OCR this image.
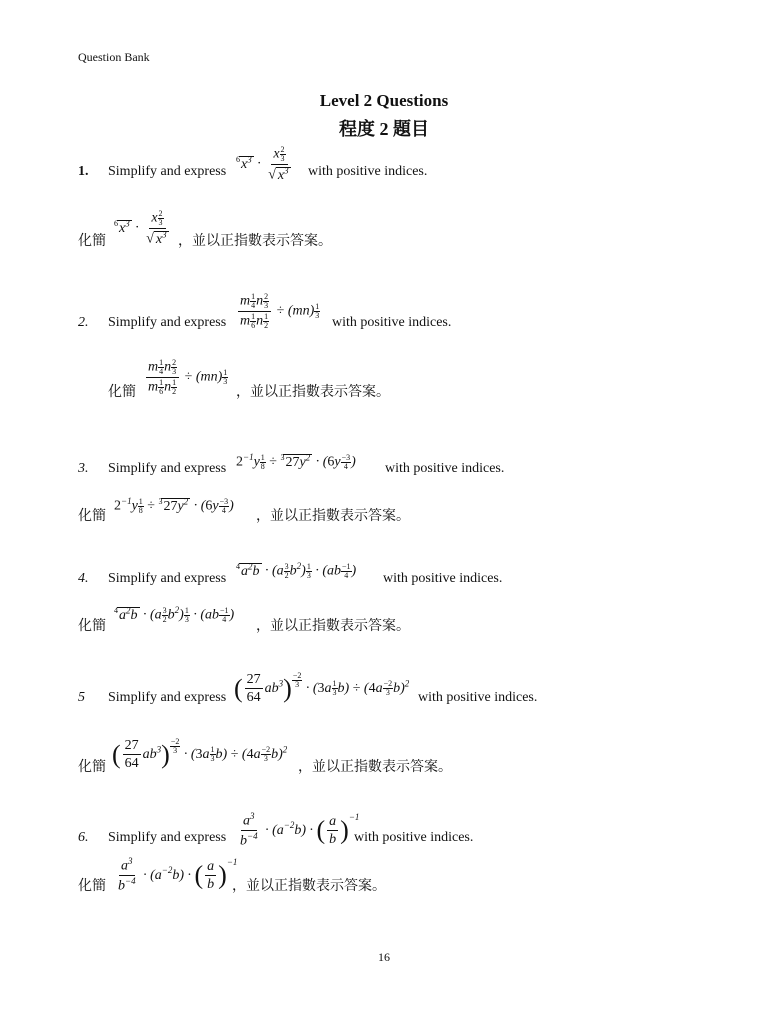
Question Bank
Level 2 Questions
程度 2 題目
1. Simplify and express
$^6x^3 \cdot \frac{x \frac{2}{3}}{√ x^3}$ with positive indices.
化簡
$^6x^3 \cdot \frac{x \frac{2}{3}}{√ x^3}$ ，並以正指數表示答案。
2. Simplify and express $\frac{m \frac{1}{4} n \frac{2}{3}}{m \frac{1}{6} n \frac{1}{2}} \div (mn) \frac{1}{3}$
with positive indices.
化簡 $\frac{m \frac{1}{4} n \frac{2}{3}}{m \frac{1}{6} n \frac{1}{2}} \div (mn) \frac{1}{3}$
，並以正指數表示答案。
3. Simplify and express $2^{-1}y \frac{1}{8} \div ^327y^2 \cdot (6y \frac{-3}{4}$ ) with positive indices.
化簡
$2^{-1}y \frac{1}{8} \div ^327y^2 \cdot (6y \frac{-3}{4}$ )
，並以正指數表示答案。
4. Simplify and express
$^4a^2b \cdot (a \frac{3}{2} b^2) \frac{1}{3} \cdot (ab \frac{-1}{4}$ ) with positive indices.
化簡
$^4a^2b \cdot (a \frac{3}{2} b^2) \frac{1}{3} \cdot (ab \frac{-1}{4}$ )
，並以正指數表示答案。
5 Simplify and express ( $\frac{27}{64} ab^3) \frac{-2}{3} \cdot (3a \frac{1}{3} b) \div (4a \frac{-2}{3} b)^2$
with positive indices.
化簡 ( $\frac{27}{64} ab^3) \frac{-2}{3} \cdot (3a \frac{1}{3} b) \div (4a \frac{-2}{3} b)^2$
，並以正指數表示答案。
6. Simplify and express $\frac{a^3}{b^{-4}} \cdot (a^{-2}b)$ · ( $\frac{a}{b} )^{-1}$
with positive indices.
化簡 $\frac{a^3}{b^{-4}} \cdot (a^{-2}b)$ · ( $\frac{a}{b} )^{-1}$
，並以正指數表示答案。
16
